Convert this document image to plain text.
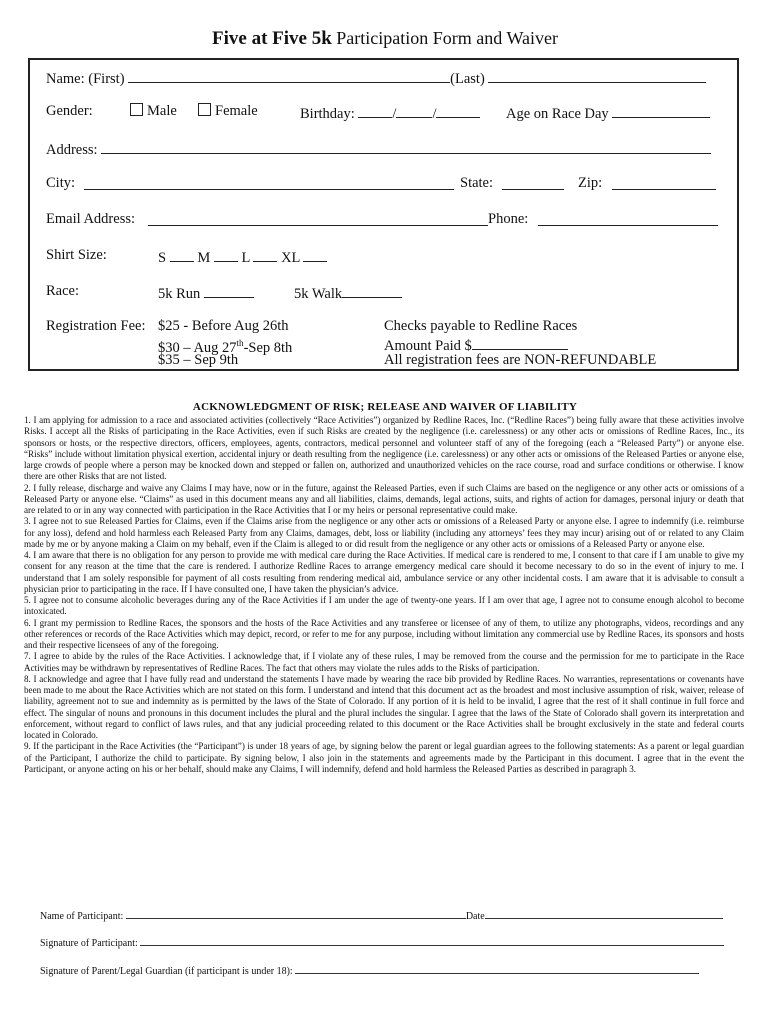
Five at Five 5k Participation Form and Waiver
Name: (First)	(Last)
Gender:	Male	Female	Birthday:	/ /	Age on Race Day
Address:
City:	State:	Zip:
Email Address:	Phone:
Shirt Size:	S M L XL
Race:	5k Run	5k Walk
Registration Fee: $25 - Before Aug 26th
$30 – Aug 27th-Sep 8th
$35 – Sep 9th
Checks payable to Redline Races
Amount Paid $
All registration fees are NON-REFUNDABLE
ACKNOWLEDGMENT OF RISK; RELEASE AND WAIVER OF LIABILITY

1. I am applying for admission to a race and associated activities (collectively “Race Activities”) organized by Redline Races, Inc. (“Redline Races”) being fully aware that these activities involve Risks. I accept all the Risks of participating in the Race Activities, even if such Risks are created by the negligence (i.e. carelessness) or any other acts or omissions of Redline Races, Inc., its sponsors or hosts, or the respective directors, officers, employees, agents, contractors, medical personnel and volunteer staff of any of the foregoing (each a “Released Party”) or anyone else. “Risks” include without limitation physical exertion, accidental injury or death resulting from the negligence (i.e. carelessness) or any other acts or omissions of the Released Parties or anyone else, large crowds of people where a person may be knocked down and stepped or fallen on, authorized and unauthorized vehicles on the race course, road and surface conditions or otherwise. I know there are other Risks that are not listed.

2. I fully release, discharge and waive any Claims I may have, now or in the future, against the Released Parties, even if such Claims are based on the negligence or any other acts or omissions of a Released Party or anyone else. “Claims” as used in this document means any and all liabilities, claims, demands, legal actions, suits, and rights of action for damages, personal injury or death that are related to or in any way connected with participation in the Race Activities that I or my heirs or personal representative could make.

3. I agree not to sue Released Parties for Claims, even if the Claims arise from the negligence or any other acts or omissions of a Released Party or anyone else. I agree to indemnify (i.e. reimburse for any loss), defend and hold harmless each Released Party from any Claims, damages, debt, loss or liability (including any attorneys’ fees they may incur) arising out of or related to any Claim made by me or by anyone making a Claim on my behalf, even if the Claim is alleged to or did result from the negligence or any other acts or omissions of a Released Party or anyone else.

4. I am aware that there is no obligation for any person to provide me with medical care during the Race Activities. If medical care is rendered to me, I consent to that care if I am unable to give my consent for any reason at the time that the care is rendered. I authorize Redline Races to arrange emergency medical care should it become necessary to do so in the event of injury to me. I understand that I am solely responsible for payment of all costs resulting from rendering medical aid, ambulance service or any other incidental costs. I am aware that it is advisable to consult a physician prior to participating in the race. If I have consulted one, I have taken the physician’s advice.

5. I agree not to consume alcoholic beverages during any of the Race Activities if I am under the age of twenty-one years. If I am over that age, I agree not to consume enough alcohol to become intoxicated.

6. I grant my permission to Redline Races, the sponsors and the hosts of the Race Activities and any transferee or licensee of any of them, to utilize any photographs, videos, recordings and any other references or records of the Race Activities which may depict, record, or refer to me for any purpose, including without limitation any commercial use by Redline Races, its sponsors and hosts and their respective licensees of any of the foregoing.

7. I agree to abide by the rules of the Race Activities. I acknowledge that, if I violate any of these rules, I may be removed from the course and the permission for me to participate in the Race Activities may be withdrawn by representatives of Redline Races. The fact that others may violate the rules adds to the Risks of participation.

8. I acknowledge and agree that I have fully read and understand the statements I have made by wearing the race bib provided by Redline Races. No warranties, representations or covenants have been made to me about the Race Activities which are not stated on this form. I understand and intend that this document act as the broadest and most inclusive assumption of risk, waiver, release of liability, agreement not to sue and indemnity as is permitted by the laws of the State of Colorado. If any portion of it is held to be invalid, I agree that the rest of it shall continue in full force and effect. The singular of nouns and pronouns in this document includes the plural and the plural includes the singular. I agree that the laws of the State of Colorado shall govern its interpretation and enforcement, without regard to conflict of laws rules, and that any judicial proceeding related to this document or the Race Activities shall be brought exclusively in the state and federal courts located in Colorado.

9. If the participant in the Race Activities (the “Participant”) is under 18 years of age, by signing below the parent or legal guardian agrees to the following statements: As a parent or legal guardian of the Participant, I authorize the child to participate. By signing below, I also join in the statements and agreements made by the Participant in this document. I agree that in the event the Participant, or anyone acting on his or her behalf, should make any Claims, I will indemnify, defend and hold harmless the Released Parties as described in paragraph 3.

Name of Participant:	Date
Signature of Participant:
Signature of Parent/Legal Guardian (if participant is under 18):
